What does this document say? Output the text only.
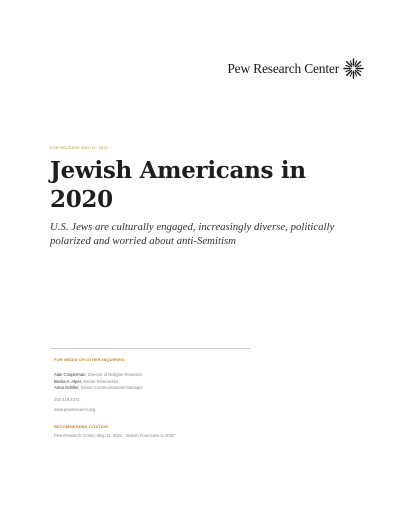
Pew Research Center
FOR RELEASE MAY 11, 2021
Jewish Americans in 2020

U.S. Jews are culturally engaged, increasingly diverse, politically polarized and worried about anti-Semitism

FOR MEDIA OR OTHER INQUIRIES:
Alan Cooperman, Director of Religion Research
Becka A. Alper, Senior Researcher
Anna Schiller, Senior Communications Manager
202.419.4372
www.pewresearch.org
RECOMMENDED CITATION
Pew Research Center, May 11, 2021, “Jewish Americans in 2020”
